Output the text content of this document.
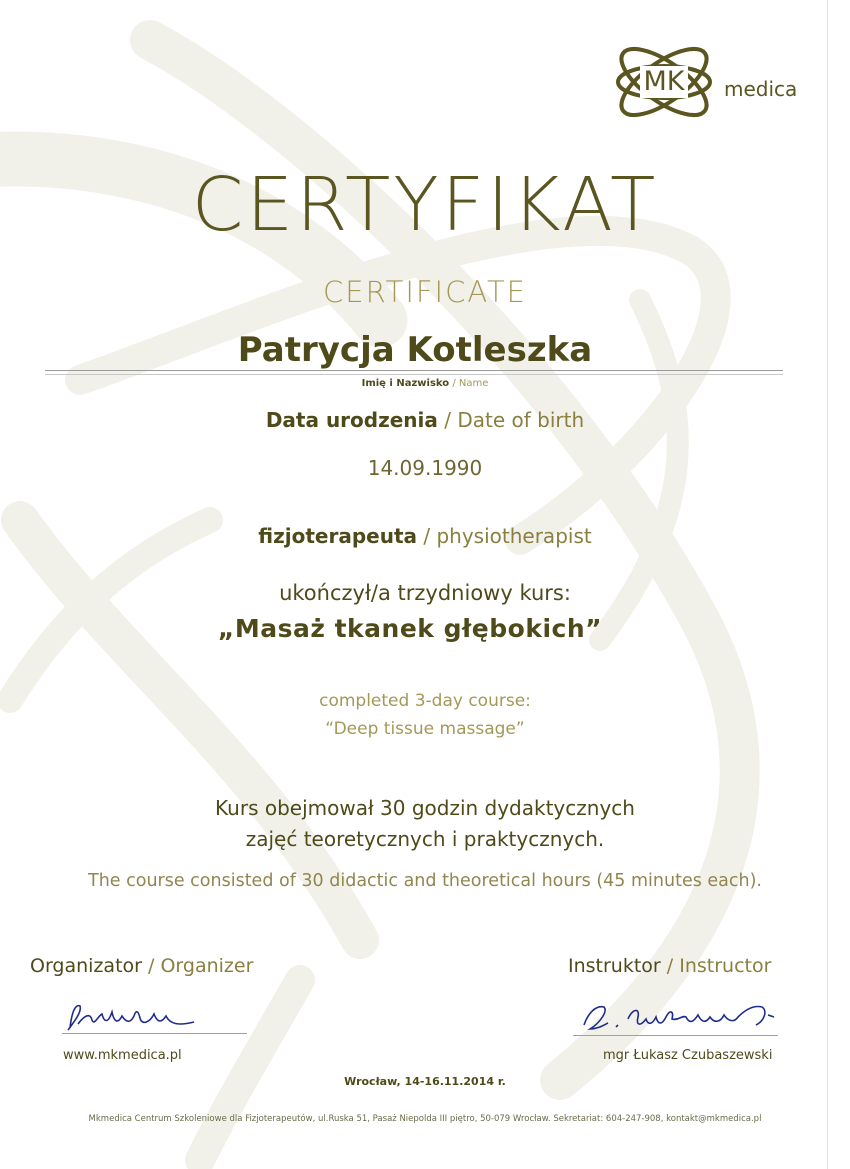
MK medica
CERTYFIKAT
CERTIFICATE
Patrycja Kotleszka
Imię i Nazwisko / Name
Data urodzenia / Date of birth
14.09.1990
fizjoterapeuta / physiotherapist
ukończył/a trzydniowy kurs:
„Masaż tkanek głębokich”
completed 3-day course:
“Deep tissue massage”
Kurs obejmował 30 godzin dydaktycznych
zajęć teoretycznych i praktycznych.
The course consisted of 30 didactic and theoretical hours (45 minutes each).
Organizator / Organizer
www.mkmedica.pl
Instruktor / Instructor
mgr Łukasz Czubaszewski
Wrocław, 14-16.11.2014 r.
Mkmedica Centrum Szkoleniowe dla Fizjoterapeutów, ul.Ruska 51, Pasaż Niepolda III piętro, 50-079 Wrocław. Sekretariat: 604-247-908, kontakt@mkmedica.pl
